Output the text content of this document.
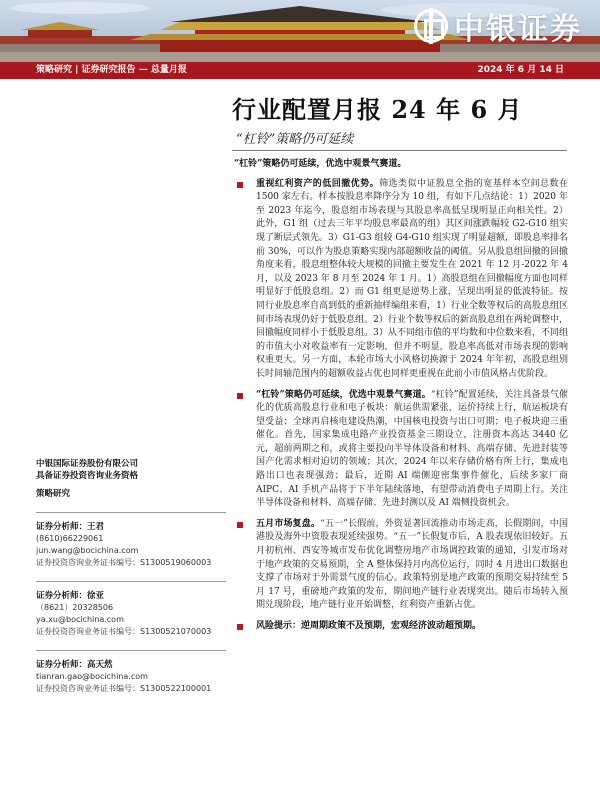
中银证券
策略研究 | 证券研究报告 — 总量月报	2024 年 6 月 14 日
行业配置月报 24 年 6 月
“杠铃”策略仍可延续
“杠铃”策略仍可延续，优选中观景气赛道。
重视红利资产的低回撤优势。筛选类似中证股息全指的宽基样本空间总数在 1500 家左右。样本按股息率降序分为 10 组，有如下几点结论：1）2020 年至 2023 年迄今，股息组市场表现与其股息率高低呈现明显正向相关性。2）此外，G1 组（过去三年平均股息率最高的组）其区间涨跌幅较 G2-G10 组实现了断层式领先。3）G1-G3 组较 G4-G10 组实现了明显超额，即股息率排名前 30%，可以作为股息策略实现内部超额收益的阈值。另从股息组回撤的回撤角度来看，股息组整体较大规模的回撤主要发生在 2021 年 12 月-2022 年 4 月，以及 2023 年 8 月至 2024 年 1 月。1）高股息组在回撤幅度方面也同样明显好于低股息组。2）而 G1 组更是逆势上涨，呈现出明显的低波特征。按同行业股息率自高到低的重新抽样编组来看，1）行业全数等权后的高股息组区间市场表现仍好于低股息组。2）行业个数等权后的新高股息组在两轮调整中，回撤幅度同样小于低股息组。3）从不同组市值的平均数和中位数来看，不同组的市值大小对收益率有一定影响，但并不明显，股息率高低对市场表现的影响权重更大。另一方面，本轮市场大小风格切换源于 2024 年年初，高股息组别长时间轴范围内的超额收益占优也同样更重视在此前小市值风格占优阶段。
“杠铃”策略仍可延续，优选中观景气赛道。“杠铃”配置延续，关注具备景气催化的优质高股息行业和电子板块：航运供需紧张，运价持续上行，航运板块有望受益；全球再启核电建设热潮，中国核电投资与出口可期；电子板块迎三重催化。首先，国家集成电路产业投资基金三期设立，注册资本高达 3440 亿元，超前两期之和，或将主要投向半导体设备和材料、高端存储、先进封装等国产化需求相对迫切的领域；其次，2024 年以来存储价格有所上行，集成电路出口也表现强劲；最后，近期 AI 端侧迎密集事件催化，后续多家厂商 AIPC、AI 手机产品将于下半年陆续落地，有望带动消费电子周期上行。关注半导体设备和材料、高端存储、先进封测以及 AI 端侧投资机会。
五月市场复盘。“五一”长假前，外资显著回流推动市场走高，长假期间，中国港股及海外中资股表现延续强势。“五一”长假复市后，A 股表现依旧较好。五月初杭州、西安等城市发布优化调整房地产市场调控政策的通知，引发市场对于地产政策的交易预期，全 A 整体保持月内高位运行，同时 4 月进出口数据也支撑了市场对于外需景气度的信心。政策特别是地产政策的预期交易持续至 5 月 17 号，重磅地产政策的发布，期间地产链行业表现突出。随后市场转入预期兑现阶段，地产链行业开始调整，红利资产重新占优。
风险提示：逆周期政策不及预期，宏观经济波动超预期。
中银国际证券股份有限公司
具备证券投资咨询业务资格
策略研究
证券分析师：王君
(8610)66229061
jun.wang@bocichina.com
证券投资咨询业务证书编号：S1300519060003
证券分析师：徐亚
（8621）20328506
ya.xu@bocichina.com
证券投资咨询业务证书编号：S1300521070003
证券分析师：高天然
tianran.gao@bocichina.com
证券投资咨询业务证书编号：S1300522100001
